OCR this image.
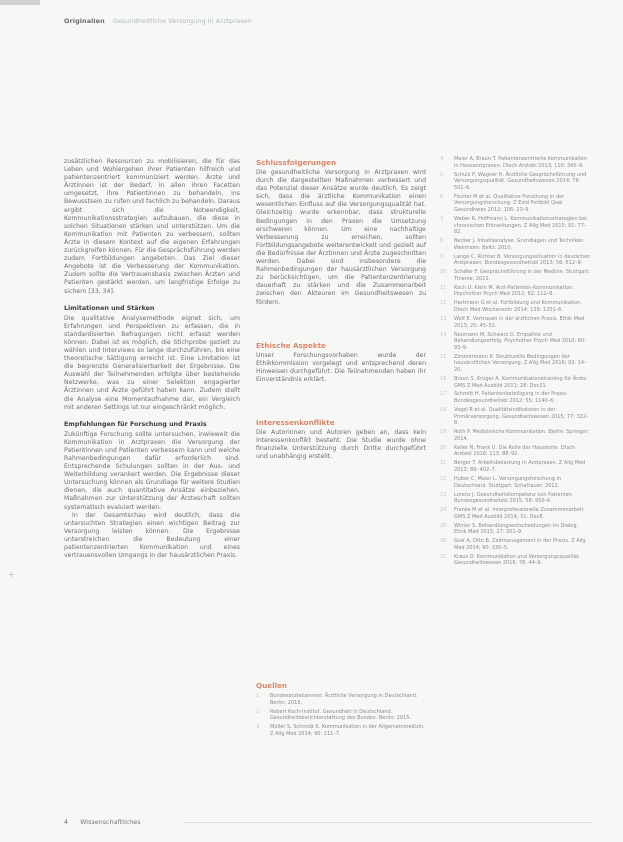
Originalien Gesundheitliche Versorgung in Arztpraxen

zusätzlichen Ressourcen zu mobilisieren, die für das Leben und Wohlergehen ihrer Patienten hilfreich und patientenzentriert kommuniziert werden. Ärzte und Ärztinnen ist der Bedarf, in allen ihren Facetten umgesetzt, ihre Patientinnen zu behandeln, ins Bewusstsein zu rufen und fachlich zu behandeln. Daraus ergibt sich die Notwendigkeit, Kommunikationsstrategien aufzubauen, die diese in solchen Situationen stärken und unterstützen. Um die Kommunikation mit Patienten zu verbessern, sollten Ärzte in diesem Kontext auf die eigenen Erfahrungen zurückgreifen können. Für die Gesprächsführung werden zudem Fortbildungen angeboten. Das Ziel dieser Angebote ist die Verbesserung der Kommunikation. Zudem sollte die Vertrauensbasis zwischen Ärzten und Patienten gestärkt werden, um langfristige Erfolge zu sichern [33, 34].

Limitationen und Stärken

Die qualitative Analysemethode eignet sich, um Erfahrungen und Perspektiven zu erfassen, die in standardisierten Befragungen nicht erfasst werden können. Dabei ist es möglich, die Stichprobe gezielt zu wählen und Interviews so lange durchzuführen, bis eine theoretische Sättigung erreicht ist. Eine Limitation ist die begrenzte Generalisierbarkeit der Ergebnisse. Die Auswahl der Teilnehmenden erfolgte über bestehende Netzwerke, was zu einer Selektion engagierter Ärztinnen und Ärzte geführt haben kann. Zudem stellt die Analyse eine Momentaufnahme dar, ein Vergleich mit anderen Settings ist nur eingeschränkt möglich.

Empfehlungen für Forschung und Praxis

Zukünftige Forschung sollte untersuchen, inwieweit die Kommunikation in Arztpraxen die Versorgung der Patientinnen und Patienten verbessern kann und welche Rahmenbedingungen dafür erforderlich sind. Entsprechende Schulungen sollten in der Aus- und Weiterbildung verankert werden. Die Ergebnisse dieser Untersuchung können als Grundlage für weitere Studien dienen, die auch quantitative Ansätze einbeziehen. Maßnahmen zur Unterstützung der Ärzteschaft sollten systematisch evaluiert werden.

In der Gesamtschau wird deutlich, dass die untersuchten Strategien einen wichtigen Beitrag zur Versorgung leisten können. Die Ergebnisse unterstreichen die Bedeutung einer patientenzentrierten Kommunikation und eines vertrauensvollen Umgangs in der hausärztlichen Praxis.

Schlussfolgerungen

Die gesundheitliche Versorgung in Arztpraxen wird durch die dargestellten Maßnahmen verbessert und das Potenzial dieser Ansätze wurde deutlich. Es zeigt sich, dass die ärztliche Kommunikation einen wesentlichen Einfluss auf die Versorgungsqualität hat. Gleichzeitig wurde erkennbar, dass strukturelle Bedingungen in den Praxen die Umsetzung erschweren können. Um eine nachhaltige Verbesserung zu erreichen, sollten Fortbildungsangebote weiterentwickelt und gezielt auf die Bedürfnisse der Ärztinnen und Ärzte zugeschnitten werden. Dabei sind insbesondere die Rahmenbedingungen der hausärztlichen Versorgung zu berücksichtigen, um die Patientenzentrierung dauerhaft zu stärken und die Zusammenarbeit zwischen den Akteuren im Gesundheitswesen zu fördern.

Ethische Aspekte

Unser Forschungsvorhaben wurde der Ethikkommission vorgelegt und entsprechend deren Hinweisen durchgeführt. Die Teilnehmenden haben ihr Einverständnis erklärt.

Interessenkonflikte

Die Autorinnen und Autoren geben an, dass kein Interessenkonflikt besteht. Die Studie wurde ohne finanzielle Unterstützung durch Dritte durchgeführt und unabhängig erstellt.

Quellen
1	Bundesärztekammer. Ärztliche Versorgung in Deutschland. Berlin; 2015.
2	Robert Koch-Institut. Gesundheit in Deutschland. Gesundheitsberichterstattung des Bundes. Berlin; 2015.
3	Müller S, Schmidt K. Kommunikation in der Allgemeinmedizin. Z Allg Med 2014; 90: 211–7.
4	Meier A, Braun T. Patientenzentrierte Kommunikation in Hausarztpraxen. Dtsch Arztebl 2013; 110: 345–9.
5	Schulz P, Wagner H. Ärztliche Gesprächsführung und Versorgungsqualität. Gesundheitswesen 2014; 76: 501–6.
6	Fischer M et al. Qualitative Forschung in der Versorgungsforschung. Z Evid Fortbild Qual Gesundhwes 2012; 106: 23–9.
7	Weber R, Hoffmann L. Kommunikationsstrategien bei chronischen Erkrankungen. Z Allg Med 2015; 91: 77–82.
8	Becker J. Inhaltsanalyse. Grundlagen und Techniken. Weinheim: Beltz; 2010.
9	Lange C, Richter B. Versorgungssituation in deutschen Arztpraxen. Bundesgesundheitsbl 2013; 56: 612–9.
10	Schäfer F. Gesprächsführung in der Medizin. Stuttgart: Thieme; 2011.
11	Koch U, Klein M. Arzt-Patienten-Kommunikation. Psychother Psych Med 2012; 62: 112–8.
12	Hartmann G et al. Fortbildung und Kommunikation. Dtsch Med Wochenschr 2014; 139: 1201–6.
13	Wolf E. Vertrauen in der ärztlichen Praxis. Ethik Med 2013; 25: 45–52.
14	Neumann M, Schwarz D. Empathie und Behandlungserfolg. Psychother Psych Med 2010; 60: 93–9.
15	Zimmermann K. Strukturelle Bedingungen der hausärztlichen Versorgung. Z Allg Med 2016; 92: 14–20.
16	Braun S, Krüger A. Kommunikationstraining für Ärzte. GMS Z Med Ausbild 2011; 28: Doc21.
17	Schmitt H. Patientenbeteiligung in der Praxis. Bundesgesundheitsbl 2012; 55: 1140–6.
18	Vogel R et al. Qualitätsindikatoren in der Primärversorgung. Gesundheitswesen 2015; 77: 322–8.
19	Roth P. Medizinische Kommunikation. Berlin: Springer; 2014.
20	Keller N, Frank U. Die Rolle der Hausärzte. Dtsch Arztebl 2016; 113: 88–92.
21	Berger T. Arbeitsbelastung in Arztpraxen. Z Allg Med 2013; 89: 402–7.
22	Huber C, Maier L. Versorgungsforschung in Deutschland. Stuttgart: Schattauer; 2012.
23	Lorenz J. Gesundheitskompetenz von Patienten. Bundesgesundheitsbl 2015; 58: 950–6.
24	Franke M et al. Interprofessionelle Zusammenarbeit. GMS Z Med Ausbild 2014; 31: Doc8.
25	Winter S. Behandlungsentscheidungen im Dialog. Ethik Med 2015; 27: 201–9.
26	Graf A, Otto B. Zeitmanagement in der Praxis. Z Allg Med 2014; 90: 330–5.
27	Kraus D. Kommunikation und Versorgungsqualität. Gesundheitswesen 2016; 78: 44–9.
4 Wissenschaftliches
